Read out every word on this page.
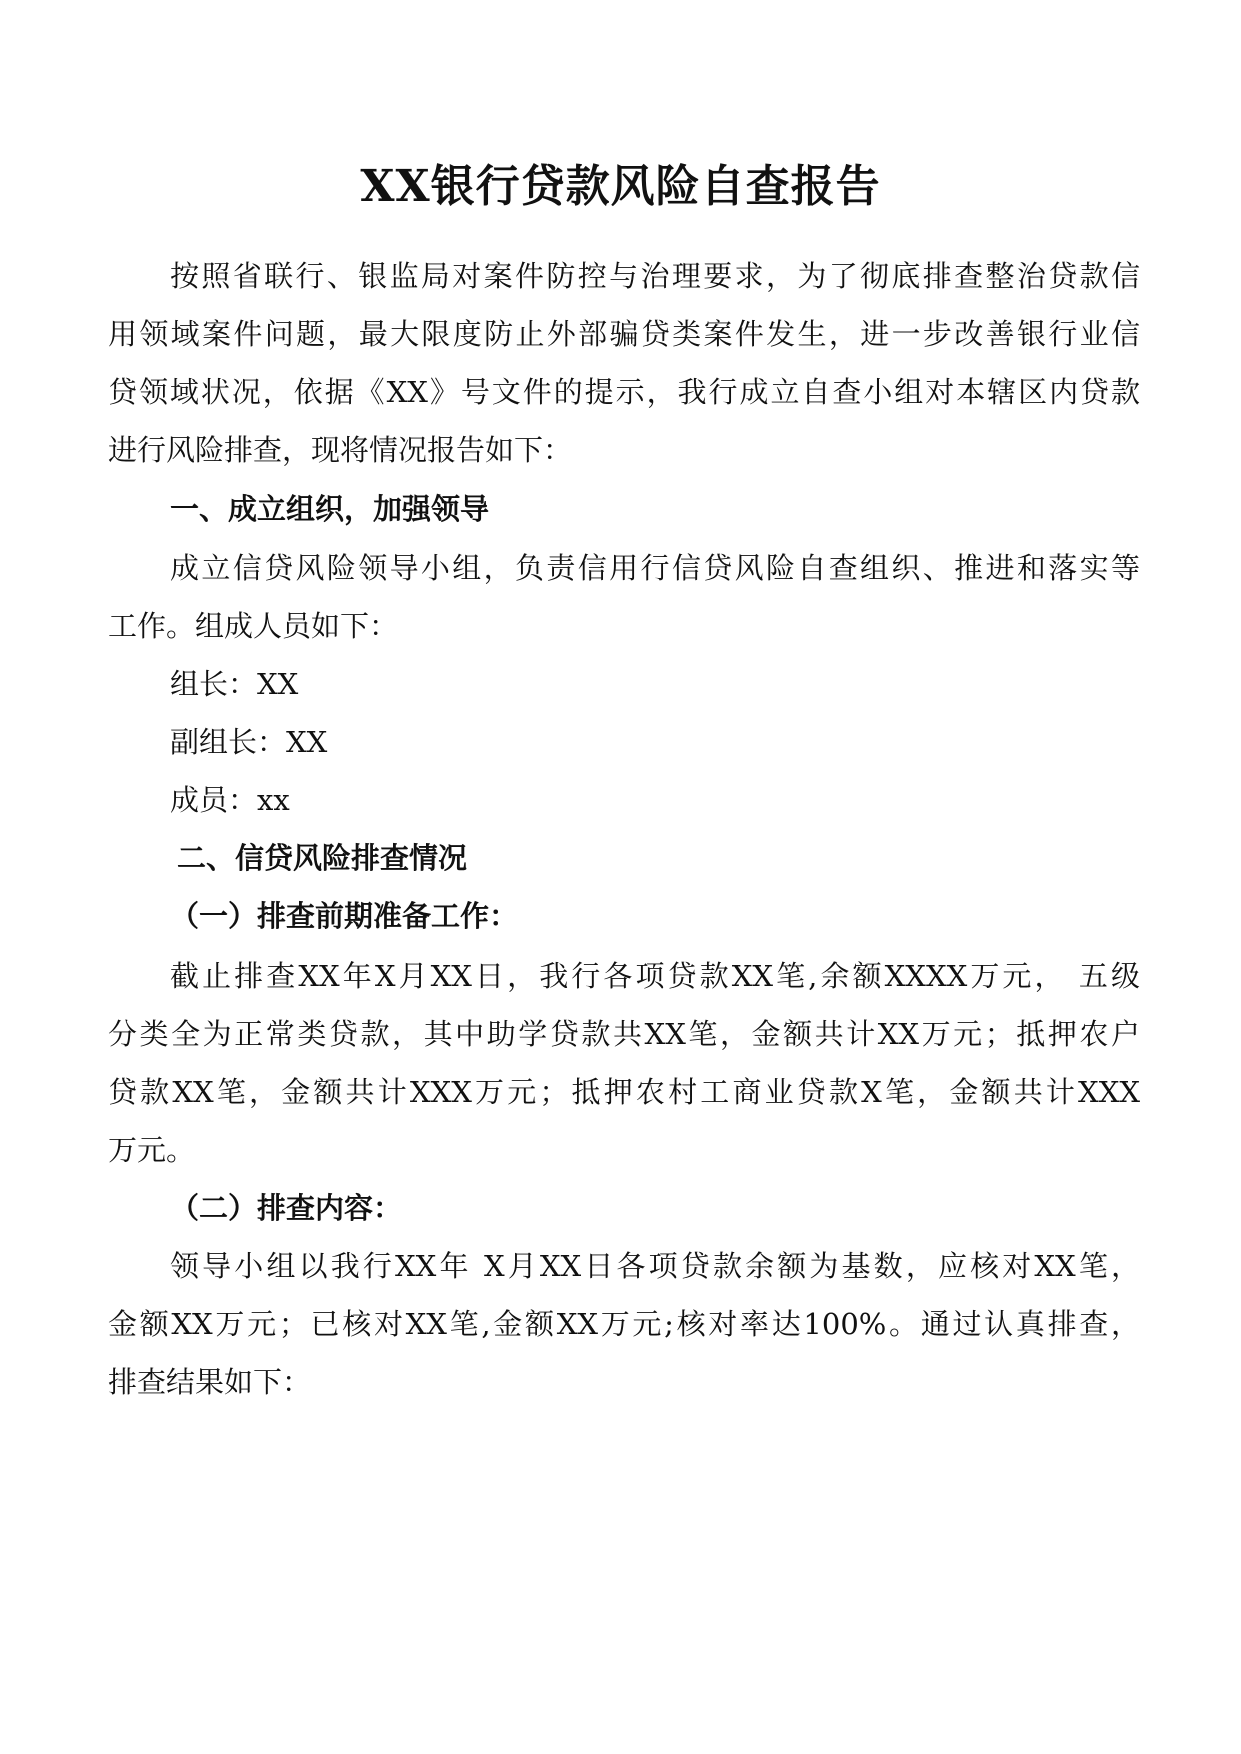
XX银行贷款风险自查报告
按照省联行、银监局对案件防控与治理要求，为了彻底排查整治贷款信
用领域案件问题，最大限度防止外部骗贷类案件发生，进一步改善银行业信
贷领域状况，依据《XX》号文件的提示，我行成立自查小组对本辖区内贷款
进行风险排查，现将情况报告如下：
一、成立组织，加强领导
成立信贷风险领导小组，负责信用行信贷风险自查组织、推进和落实等
工作。组成人员如下：
组长：XX
副组长：XX
成员：xx
二、信贷风险排查情况
（一）排查前期准备工作：
截止排查XX年X月XX日，我行各项贷款XX笔,余额XXXX万元， 五级
分类全为正常类贷款，其中助学贷款共XX笔，金额共计XX万元；抵押农户
贷款XX笔，金额共计XXX万元；抵押农村工商业贷款X笔，金额共计XXX
万元。
（二）排查内容：
领导小组以我行XX年 X月XX日各项贷款余额为基数，应核对XX笔，
金额XX万元；已核对XX笔,金额XX万元;核对率达100%。通过认真排查，
排查结果如下：
